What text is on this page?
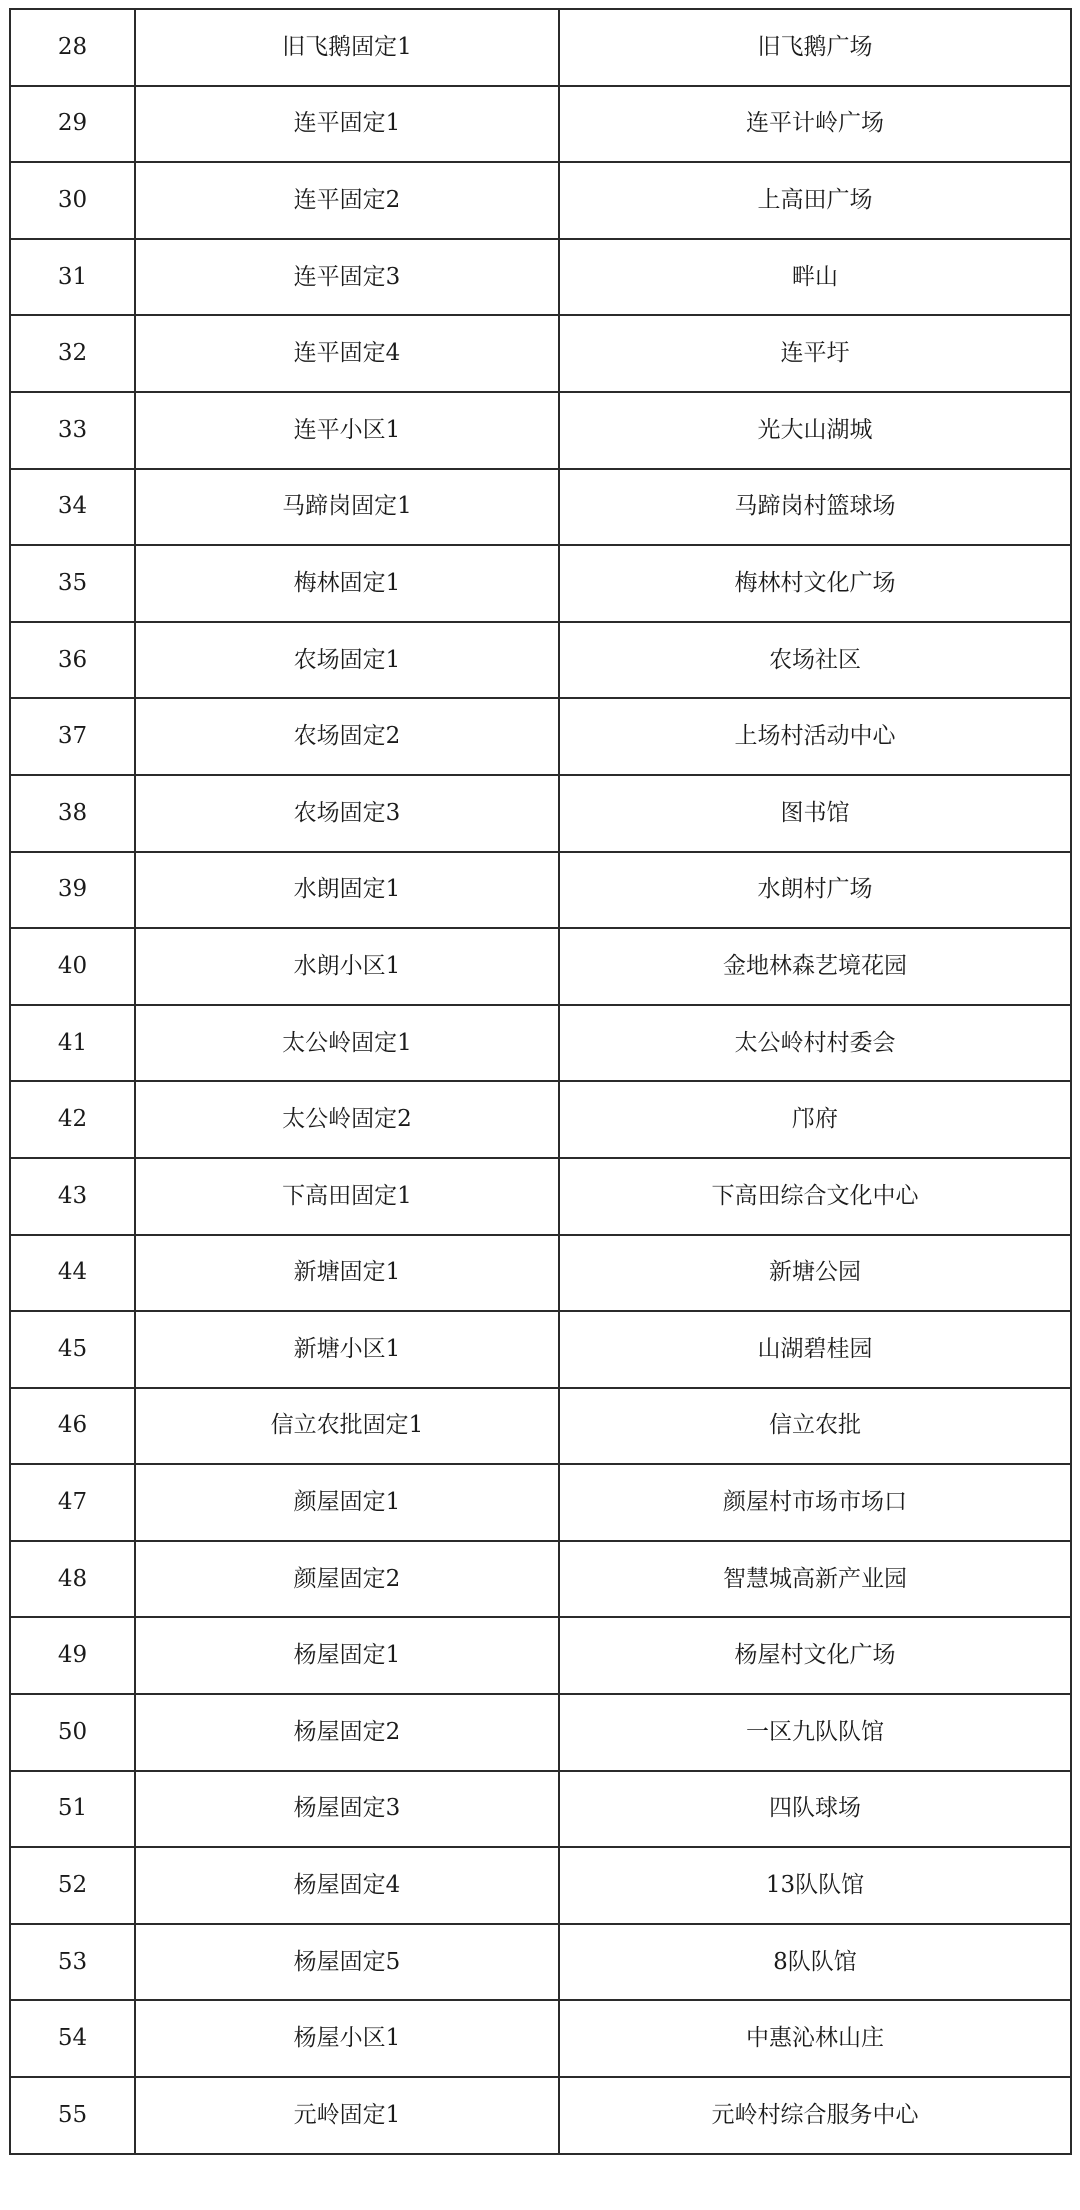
28	旧飞鹅固定1	旧飞鹅广场
29	连平固定1	连平计岭广场
30	连平固定2	上高田广场
31	连平固定3	畔山
32	连平固定4	连平圩
33	连平小区1	光大山湖城
34	马蹄岗固定1	马蹄岗村篮球场
35	梅林固定1	梅林村文化广场
36	农场固定1	农场社区
37	农场固定2	上场村活动中心
38	农场固定3	图书馆
39	水朗固定1	水朗村广场
40	水朗小区1	金地林森艺境花园
41	太公岭固定1	太公岭村村委会
42	太公岭固定2	邝府
43	下高田固定1	下高田综合文化中心
44	新塘固定1	新塘公园
45	新塘小区1	山湖碧桂园
46	信立农批固定1	信立农批
47	颜屋固定1	颜屋村市场市场口
48	颜屋固定2	智慧城高新产业园
49	杨屋固定1	杨屋村文化广场
50	杨屋固定2	一区九队队馆
51	杨屋固定3	四队球场
52	杨屋固定4	13队队馆
53	杨屋固定5	8队队馆
54	杨屋小区1	中惠沁林山庄
55	元岭固定1	元岭村综合服务中心
